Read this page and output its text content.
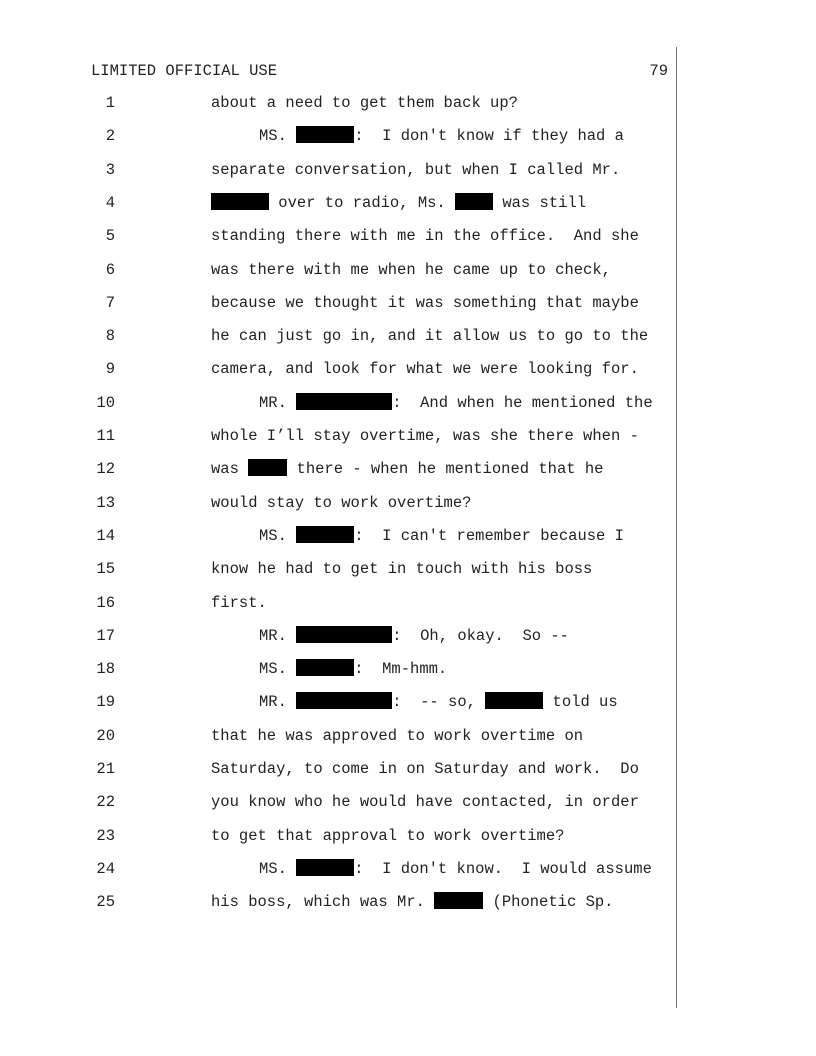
LIMITED OFFICIAL USE	79
1	about a need to get them back up?
2	MS.	:  I don't know if they had a
3	separate conversation, but when I called Mr.
4	over to radio, Ms.  was still
5	standing there with me in the office.  And she
6	was there with me when he came up to check,
7	because we thought it was something that maybe
8	he can just go in, and it allow us to go to the
9	camera, and look for what we were looking for.
10	MR.	:  And when he mentioned the
11	whole I’ll stay overtime, was she there when -
12	was	there - when he mentioned that he
13	would stay to work overtime?
14	MS.	:  I can't remember because I
15	know he had to get in touch with his boss
16	first.
17	MR.	:  Oh, okay.  So --
18	MS.	:  Mm-hmm.
19	MR.	:  -- so,	told us
20	that he was approved to work overtime on
21	Saturday, to come in on Saturday and work.  Do
22	you know who he would have contacted, in order
23	to get that approval to work overtime?
24	MS.	:  I don't know.  I would assume
25	his boss, which was Mr.	(Phonetic Sp.
